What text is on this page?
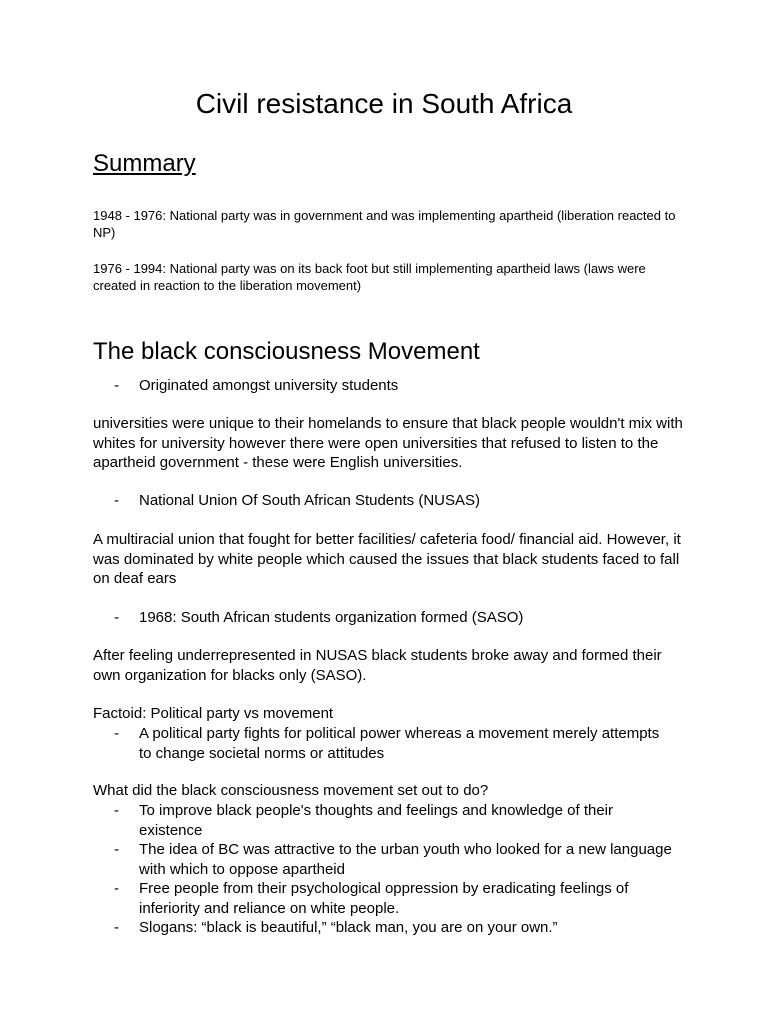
Civil resistance in South Africa
Summary

1948 - 1976: National party was in government and was implementing apartheid (liberation reacted to NP)

1976 - 1994: National party was on its back foot but still implementing apartheid laws (laws were created in reaction to the liberation movement)

The black consciousness Movement
- Originated amongst university students

universities were unique to their homelands to ensure that black people wouldn't mix with whites for university however there were open universities that refused to listen to the apartheid government - these were English universities.

- National Union Of South African Students (NUSAS)

A multiracial union that fought for better facilities/ cafeteria food/ financial aid. However, it was dominated by white people which caused the issues that black students faced to fall on deaf ears

- 1968: South African students organization formed (SASO)

After feeling underrepresented in NUSAS black students broke away and formed their own organization for blacks only (SASO).

Factoid: Political party vs movement

- A political party fights for political power whereas a movement merely attempts to change societal norms or attitudes

What did the black consciousness movement set out to do?

- To improve black people's thoughts and feelings and knowledge of their existence
- The idea of BC was attractive to the urban youth who looked for a new language with which to oppose apartheid
- Free people from their psychological oppression by eradicating feelings of inferiority and reliance on white people.
- Slogans: “black is beautiful,” “black man, you are on your own.”
